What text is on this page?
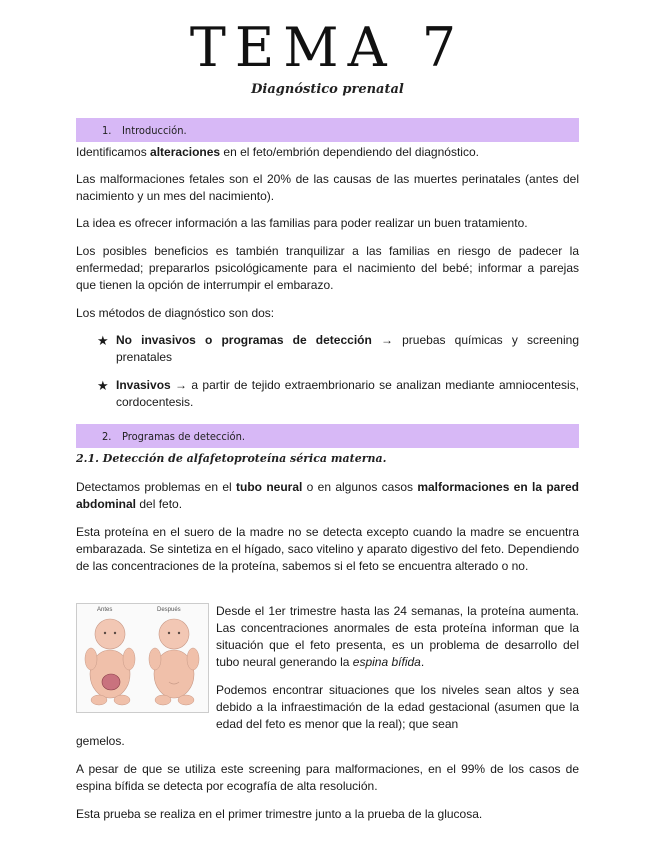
TEMA 7
Diagnóstico prenatal
1. Introducción.

Identificamos alteraciones en el feto/embrión dependiendo del diagnóstico.

Las malformaciones fetales son el 20% de las causas de las muertes perinatales (antes del nacimiento y un mes del nacimiento).

La idea es ofrecer información a las familias para poder realizar un buen tratamiento.

Los posibles beneficios es también tranquilizar a las familias en riesgo de padecer la enfermedad; prepararlos psicológicamente para el nacimiento del bebé; informar a parejas que tienen la opción de interrumpir el embarazo.

Los métodos de diagnóstico son dos:

★ No invasivos o programas de detección → pruebas químicas y screening prenatales
★ Invasivos → a partir de tejido extraembrionario se analizan mediante amniocentesis, cordocentesis.
2. Programas de detección.
2.1. Detección de alfafetoproteína sérica materna.

Detectamos problemas en el tubo neural o en algunos casos malformaciones en la pared abdominal del feto.

Esta proteína en el suero de la madre no se detecta excepto cuando la madre se encuentra embarazada. Se sintetiza en el hígado, saco vitelino y aparato digestivo del feto. Dependiendo de las concentraciones de la proteína, sabemos si el feto se encuentra alterado o no.

Antes	Después	Desde el 1er trimestre hasta las 24 semanas, la proteína aumenta. Las concentraciones anormales de esta proteína informan que la situación que el feto presenta, es un problema de desarrollo del tubo neural generando la espina bífida.
Podemos encontrar situaciones que los niveles sean altos y sea debido a la infraestimación de la edad gestacional (asumen que la edad del feto es menor que la real); que sean

gemelos.

A pesar de que se utiliza este screening para malformaciones, en el 99% de los casos de espina bífida se detecta por ecografía de alta resolución.

Esta prueba se realiza en el primer trimestre junto a la prueba de la glucosa.
